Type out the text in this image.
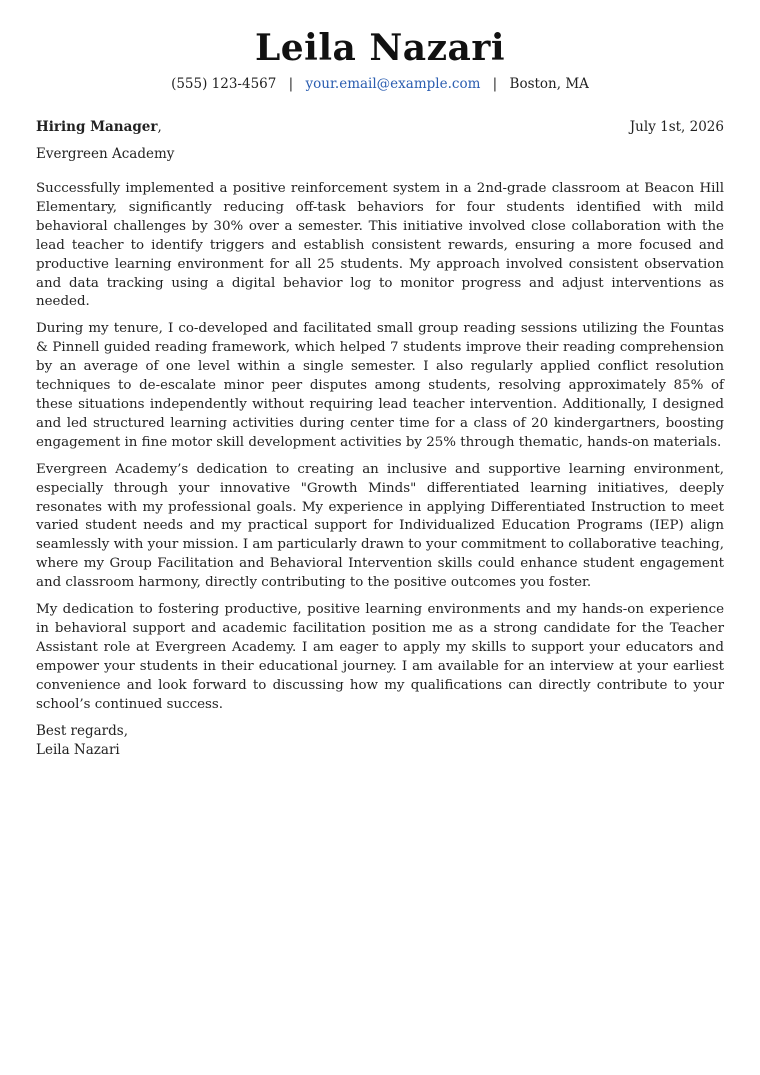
Leila Nazari
(555) 123-4567 | your.email@example.com | Boston, MA
Hiring Manager,	July 1st, 2026
Evergreen Academy

Successfully implemented a positive reinforcement system in a 2nd-grade classroom at Beacon Hill Elementary, significantly reducing off-task behaviors for four students identified with mild behavioral challenges by 30% over a semester. This initiative involved close collaboration with the lead teacher to identify triggers and establish consistent rewards, ensuring a more focused and productive learning environment for all 25 students. My approach involved consistent observation and data tracking using a digital behavior log to monitor progress and adjust interventions as needed.

During my tenure, I co-developed and facilitated small group reading sessions utilizing the Fountas & Pinnell guided reading framework, which helped 7 students improve their reading comprehension by an average of one level within a single semester. I also regularly applied conflict resolution techniques to de-escalate minor peer disputes among students, resolving approximately 85% of these situations independently without requiring lead teacher intervention. Additionally, I designed and led structured learning activities during center time for a class of 20 kindergartners, boosting engagement in fine motor skill development activities by 25% through thematic, hands-on materials.

Evergreen Academy’s dedication to creating an inclusive and supportive learning environment, especially through your innovative "Growth Minds" differentiated learning initiatives, deeply resonates with my professional goals. My experience in applying Differentiated Instruction to meet varied student needs and my practical support for Individualized Education Programs (IEP) align seamlessly with your mission. I am particularly drawn to your commitment to collaborative teaching, where my Group Facilitation and Behavioral Intervention skills could enhance student engagement and classroom harmony, directly contributing to the positive outcomes you foster.

My dedication to fostering productive, positive learning environments and my hands-on experience in behavioral support and academic facilitation position me as a strong candidate for the Teacher Assistant role at Evergreen Academy. I am eager to apply my skills to support your educators and empower your students in their educational journey. I am available for an interview at your earliest convenience and look forward to discussing how my qualifications can directly contribute to your school’s continued success.

Best regards,
Leila Nazari
